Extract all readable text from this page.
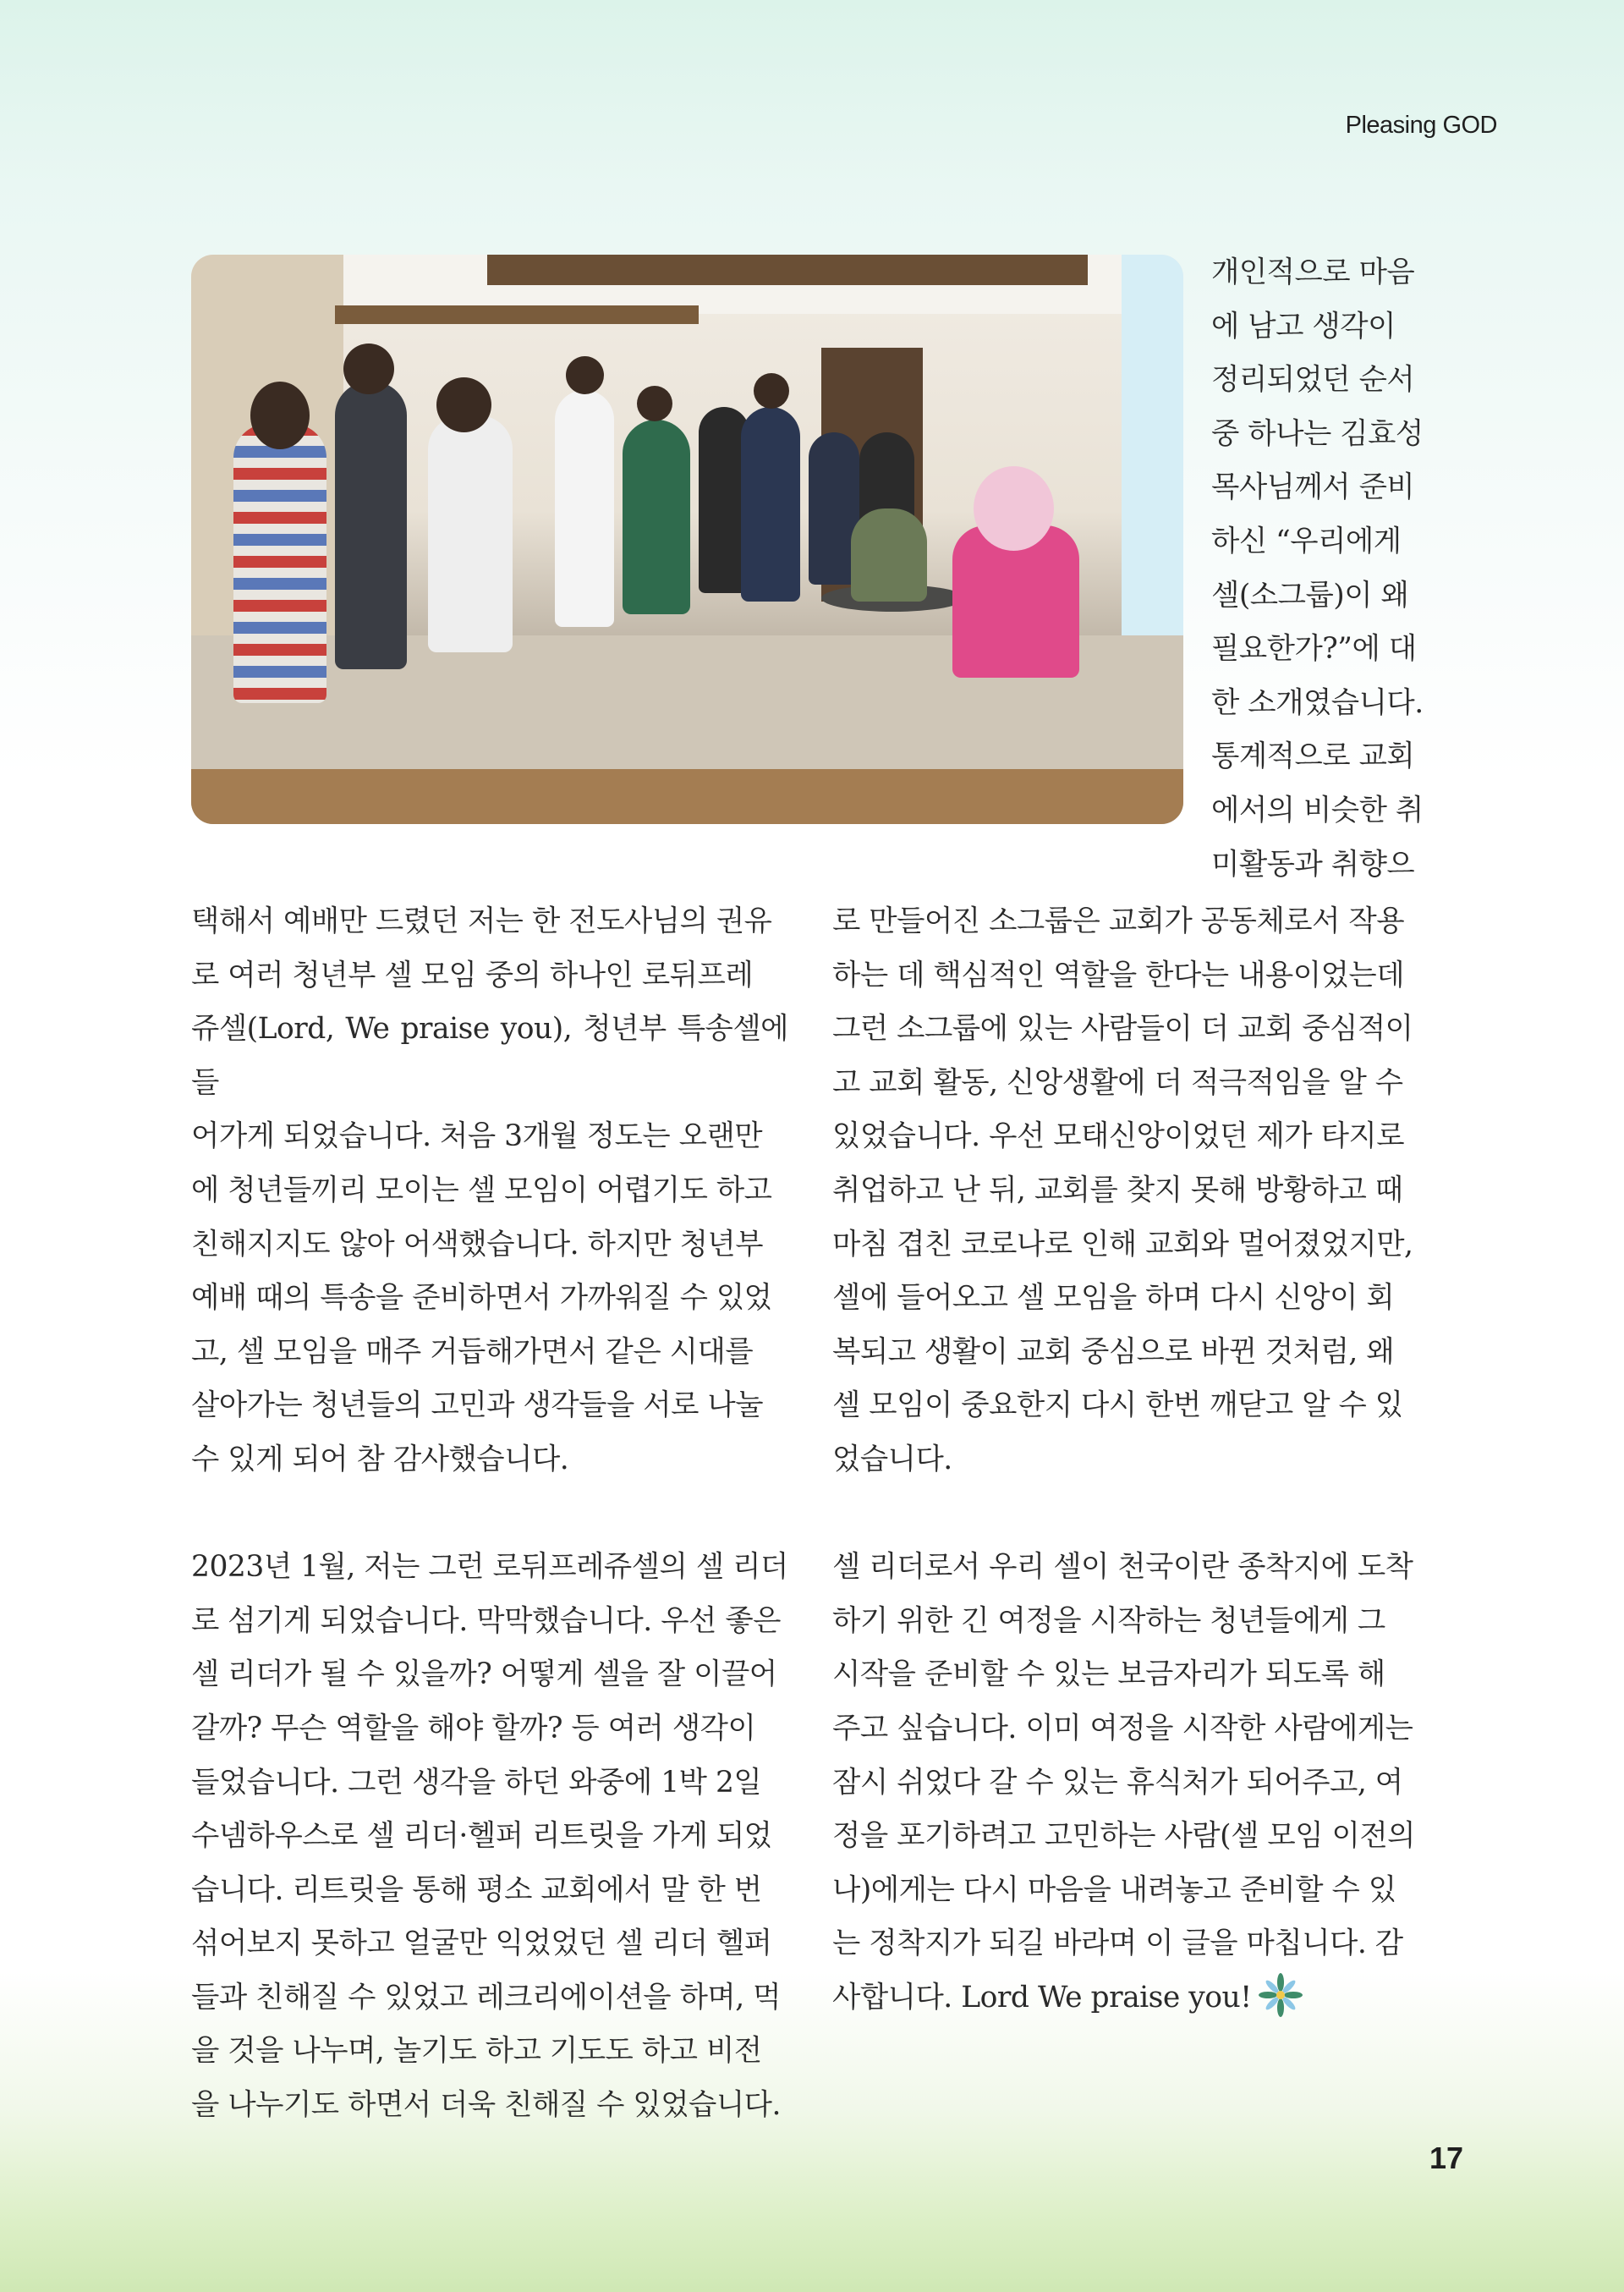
Pleasing GOD

개인적으로 마음

에 남고 생각이

정리되었던 순서

중 하나는 김효성

목사님께서 준비

하신 “우리에게

셀(소그룹)이 왜

필요한가?”에 대

한 소개였습니다.

통계적으로 교회

에서의 비슷한 취

미활동과 취향으

택해서 예배만 드렸던 저는 한 전도사님의 권유

로 여러 청년부 셀 모임 중의 하나인 로뒤프레

쥬셀(Lord, We praise you), 청년부 특송셀에 들

어가게 되었습니다. 처음 3개월 정도는 오랜만

에 청년들끼리 모이는 셀 모임이 어렵기도 하고

친해지지도 않아 어색했습니다. 하지만 청년부

예배 때의 특송을 준비하면서 가까워질 수 있었

고, 셀 모임을 매주 거듭해가면서 같은 시대를

살아가는 청년들의 고민과 생각들을 서로 나눌

수 있게 되어 참 감사했습니다.

2023년 1월, 저는 그런 로뒤프레쥬셀의 셀 리더

로 섬기게 되었습니다. 막막했습니다. 우선 좋은

셀 리더가 될 수 있을까? 어떻게 셀을 잘 이끌어

갈까? 무슨 역할을 해야 할까? 등 여러 생각이

들었습니다. 그런 생각을 하던 와중에 1박 2일

수넴하우스로 셀 리더·헬퍼 리트릿을 가게 되었

습니다. 리트릿을 통해 평소 교회에서 말 한 번

섞어보지 못하고 얼굴만 익었었던 셀 리더 헬퍼

들과 친해질 수 있었고 레크리에이션을 하며, 먹

을 것을 나누며, 놀기도 하고 기도도 하고 비전

을 나누기도 하면서 더욱 친해질 수 있었습니다.

로 만들어진 소그룹은 교회가 공동체로서 작용

하는 데 핵심적인 역할을 한다는 내용이었는데

그런 소그룹에 있는 사람들이 더 교회 중심적이

고 교회 활동, 신앙생활에 더 적극적임을 알 수

있었습니다. 우선 모태신앙이었던 제가 타지로

취업하고 난 뒤, 교회를 찾지 못해 방황하고 때

마침 겹친 코로나로 인해 교회와 멀어졌었지만,

셀에 들어오고 셀 모임을 하며 다시 신앙이 회

복되고 생활이 교회 중심으로 바뀐 것처럼, 왜

셀 모임이 중요한지 다시 한번 깨닫고 알 수 있

었습니다.

셀 리더로서 우리 셀이 천국이란 종착지에 도착

하기 위한 긴 여정을 시작하는 청년들에게 그

시작을 준비할 수 있는 보금자리가 되도록 해

주고 싶습니다. 이미 여정을 시작한 사람에게는

잠시 쉬었다 갈 수 있는 휴식처가 되어주고, 여

정을 포기하려고 고민하는 사람(셀 모임 이전의

나)에게는 다시 마음을 내려놓고 준비할 수 있

는 정착지가 되길 바라며 이 글을 마칩니다. 감

사합니다. Lord We praise you!

17
